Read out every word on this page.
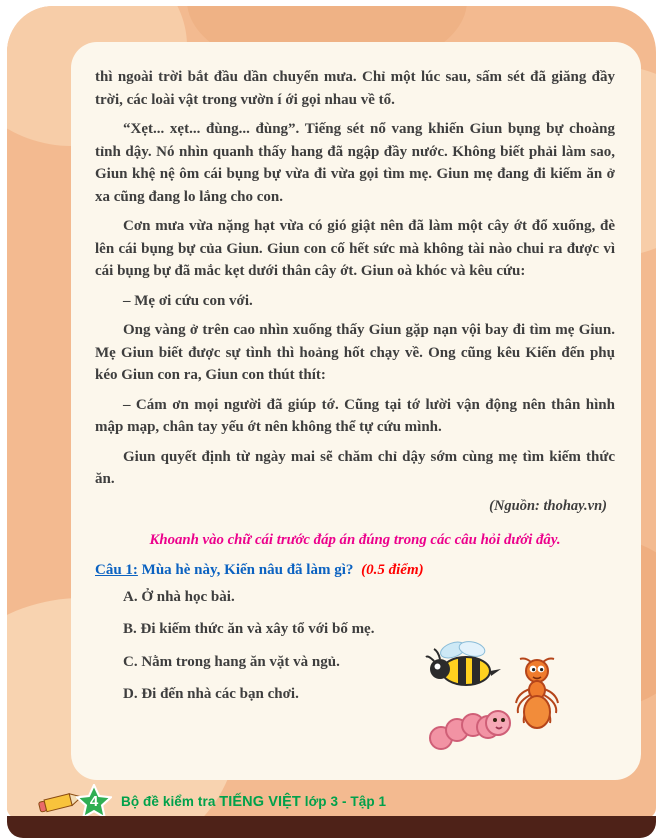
thì ngoài trời bắt đầu dần chuyển mưa. Chỉ một lúc sau, sấm sét đã giăng đầy trời, các loài vật trong vườn í ới gọi nhau về tổ.

“Xẹt... xẹt... đùng... đùng”. Tiếng sét nổ vang khiến Giun bụng bự choàng tỉnh dậy. Nó nhìn quanh thấy hang đã ngập đầy nước. Không biết phải làm sao, Giun khệ nệ ôm cái bụng bự vừa đi vừa gọi tìm mẹ. Giun mẹ đang đi kiếm ăn ở xa cũng đang lo lắng cho con.

Cơn mưa vừa nặng hạt vừa có gió giật nên đã làm một cây ớt đổ xuống, đè lên cái bụng bự của Giun. Giun con cố hết sức mà không tài nào chui ra được vì cái bụng bự đã mắc kẹt dưới thân cây ớt. Giun oà khóc và kêu cứu:

– Mẹ ơi cứu con với.

Ong vàng ở trên cao nhìn xuống thấy Giun gặp nạn vội bay đi tìm mẹ Giun. Mẹ Giun biết được sự tình thì hoảng hốt chạy về. Ong cũng kêu Kiến đến phụ kéo Giun con ra, Giun con thút thít:

– Cám ơn mọi người đã giúp tớ. Cũng tại tớ lười vận động nên thân hình mập mạp, chân tay yếu ớt nên không thể tự cứu mình.

Giun quyết định từ ngày mai sẽ chăm chỉ dậy sớm cùng mẹ tìm kiếm thức ăn.

(Nguồn: thohay.vn)

Khoanh vào chữ cái trước đáp án đúng trong các câu hỏi dưới đây.

Câu 1: Mùa hè này, Kiến nâu đã làm gì? (0.5 điểm)

A. Ở nhà học bài.

B. Đi kiếm thức ăn và xây tổ với bố mẹ.

C. Nằm trong hang ăn vặt và ngủ.

D. Đi đến nhà các bạn chơi.

4	Bộ đề kiểm tra TIẾNG VIỆT lớp 3 - Tập 1
